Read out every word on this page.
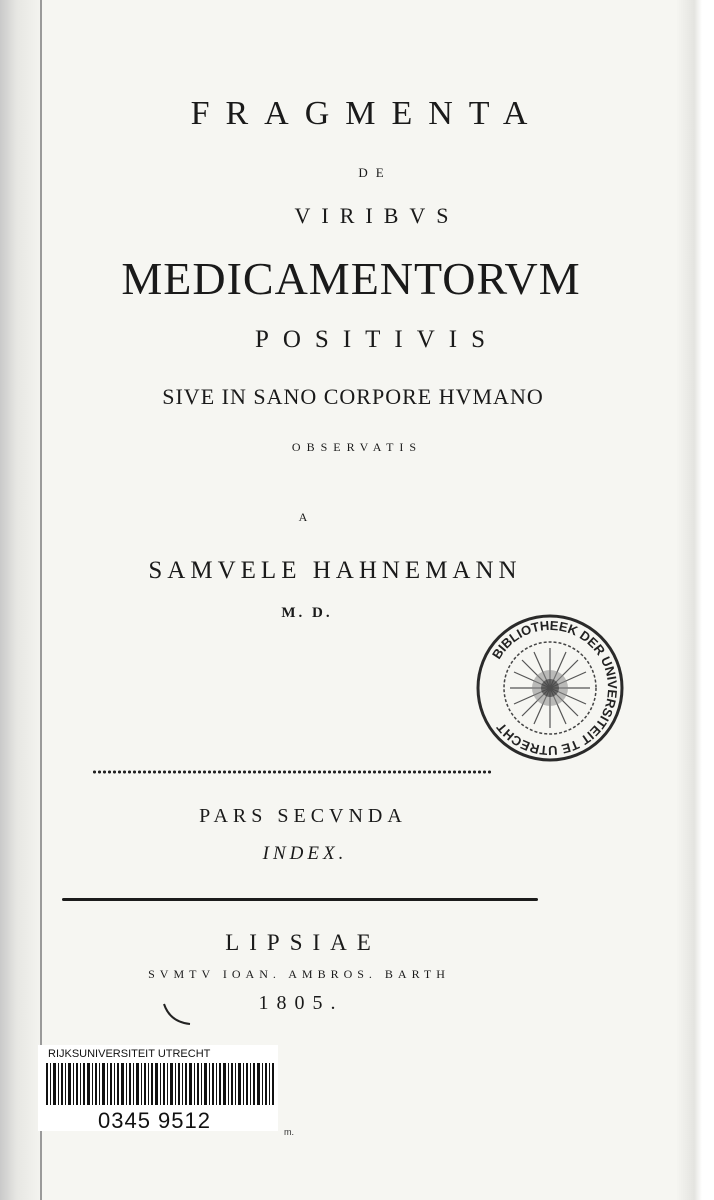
FRAGMENTA
DE
VIRIBVS
MEDICAMENTORVM
POSITIVIS
SIVE IN SANO CORPORE HVMANO
OBSERVATIS
A
SAMVELE HAHNEMANN
M. D.
PARS SECVNDA
INDEX.
LIPSIAE
SVMTV IOAN. AMBROS. BARTH
1805.
BIBLIOTHEEK DER UNIVERSITEIT TE UTRECHT
RIJKSUNIVERSITEIT UTRECHT
0345 9512	m.
